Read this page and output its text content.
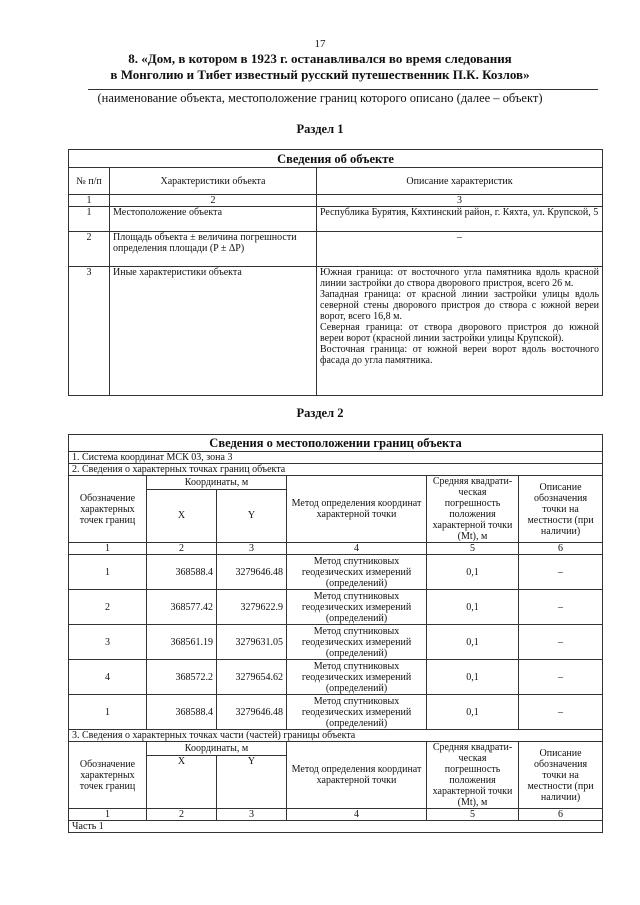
17
8. «Дом, в котором в 1923 г. останавливался во время следования
в Монголию и Тибет известный русский путешественник П.К. Козлов»
(наименование объекта, местоположение границ которого описано (далее – объект)
Раздел 1
Сведения об объекте		
№ п/п	Характеристики объекта	Описание характеристик
1	2	3
1	Местоположение объекта	Республика Бурятия, Кяхтинский район, г. Кяхта, ул. Крупской, 5
2	Площадь объекта ± величина погрешности определения площади (P ± ΔP)	–
3	Иные характеристики объекта	Южная граница: от восточного угла памятника вдоль красной линии застройки до створа дворового пристроя, всего 26 м.
Западная граница: от красной линии застройки улицы вдоль северной стены дворового пристроя до створа с южной вереи ворот, всего 16,8 м.
Северная граница: от створа дворового пристроя до южной вереи ворот (красной линии застройки улицы Крупской).
Восточная граница: от южной вереи ворот вдоль восточного фасада до угла памятника.
Раздел 2
Сведения о местоположении границ объекта					
1. Система координат МСК 03, зона 3					
2. Сведения о характерных точках границ объекта					
Обозначение характерных точек границ	Координаты, м		Метод определения координат характерной точки	Средняя квадрати-ческая погрешность положения характерной точки (Mt), м	Описание обозначения точки на местности (при наличии)
	X	Y			
1	2	3	4	5	6
1	368588.4	3279646.48	Метод спутниковых геодезических измерений (определений)	0,1	–
2	368577.42	3279622.9	Метод спутниковых геодезических измерений (определений)	0,1	–
3	368561.19	3279631.05	Метод спутниковых геодезических измерений (определений)	0,1	–
4	368572.2	3279654.62	Метод спутниковых геодезических измерений (определений)	0,1	–
1	368588.4	3279646.48	Метод спутниковых геодезических измерений (определений)	0,1	–
3. Сведения о характерных точках части (частей) границы объекта					
Обозначение характерных точек границ	Координаты, м		Метод определения координат характерной точки	Средняя квадрати-ческая погрешность положения характерной точки (Mt), м	Описание обозначения точки на местности (при наличии)
	X	Y			
1	2	3	4	5	6
Часть 1					
